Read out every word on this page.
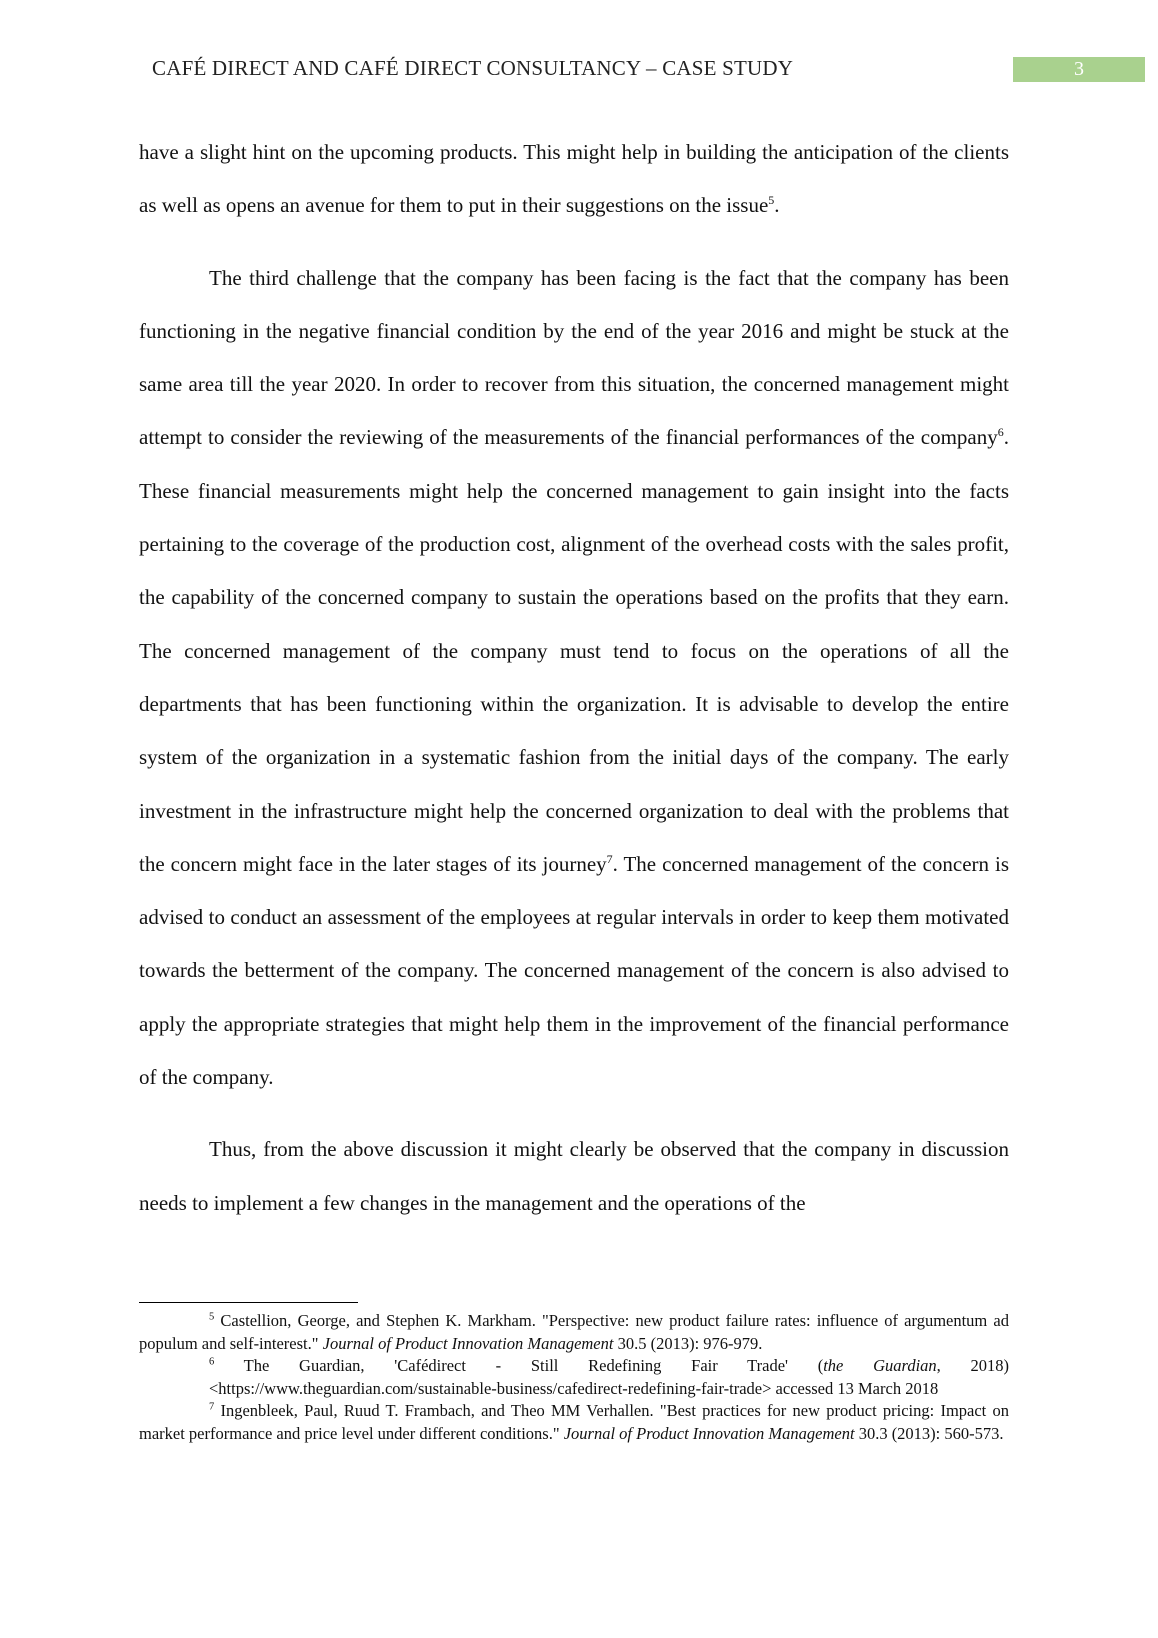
CAFÉ DIRECT AND CAFÉ DIRECT CONSULTANCY – CASE STUDY	3

have a slight hint on the upcoming products. This might help in building the anticipation of the clients as well as opens an avenue for them to put in their suggestions on the issue$^5$.

The third challenge that the company has been facing is the fact that the company has been functioning in the negative financial condition by the end of the year 2016 and might be stuck at the same area till the year 2020. In order to recover from this situation, the concerned management might attempt to consider the reviewing of the measurements of the financial performances of the company$^6$. These financial measurements might help the concerned management to gain insight into the facts pertaining to the coverage of the production cost, alignment of the overhead costs with the sales profit, the capability of the concerned company to sustain the operations based on the profits that they earn. The concerned management of the company must tend to focus on the operations of all the departments that has been functioning within the organization. It is advisable to develop the entire system of the organization in a systematic fashion from the initial days of the company. The early investment in the infrastructure might help the concerned organization to deal with the problems that the concern might face in the later stages of its journey$^7$. The concerned management of the concern is advised to conduct an assessment of the employees at regular intervals in order to keep them motivated towards the betterment of the company. The concerned management of the concern is also advised to apply the appropriate strategies that might help them in the improvement of the financial performance of the company.

Thus, from the above discussion it might clearly be observed that the company in discussion needs to implement a few changes in the management and the operations of the

$^5$ Castellion, George, and Stephen K. Markham. "Perspective: new product failure rates: influence of argumentum ad populum and self-interest." Journal of Product Innovation Management 30.5 (2013): 976-979.

$^6$ The Guardian, 'Cafédirect - Still Redefining Fair Trade' (the Guardian, 2018) <https://www.theguardian.com/sustainable-business/cafedirect-redefining-fair-trade> accessed 13 March 2018

$^7$ Ingenbleek, Paul, Ruud T. Frambach, and Theo MM Verhallen. "Best practices for new product pricing: Impact on market performance and price level under different conditions." Journal of Product Innovation Management 30.3 (2013): 560-573.
